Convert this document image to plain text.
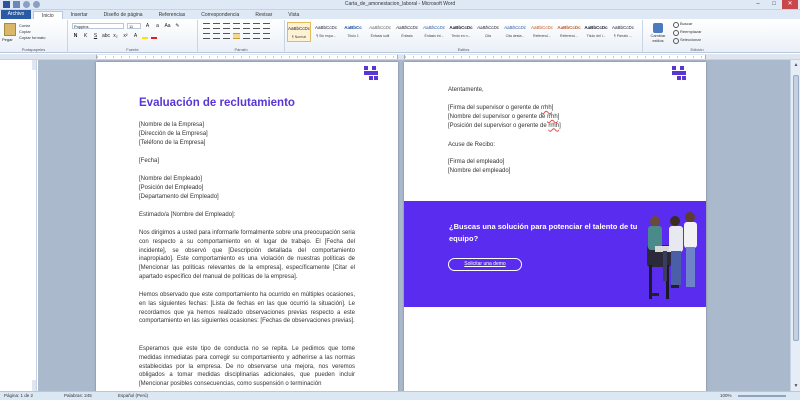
Carta_de_amonestacion_laboral - Microsoft Word	–	□	✕
Archivo	Inicio	Insertar	Diseño de página	Referencias	Correspondencia	Revisar	Vista
Pegar
Cortar
Copiar
Copiar formato
Portapapeles
Poppins	11	A	a	Aa ✎
N	K	S abc x₂ x²	A
Fuente	Párrafo
AaBbCcDc
¶ Normal
AaBbCcDc
¶ Sin espa...
AaBbCc
Título 1
AaBbCcDc
Énfasis sutil
AaBbCcDc
Énfasis
AaBbCcDc
Énfasis int...
AaBbCcDc
Texto en n...
AaBbCcDc
Cita
AaBbCcDc
Cita desta...
AaBbCcDc
Referenci...
AaBbCcDc
Referenci...
AaBbCcDc
Título del l...
AaBbCcDc
¶ Párrafo ...
Estilos
Cambiar estilos
Buscar
Reemplazar
Seleccionar
Edición
Evaluación de reclutamiento
[Nombre de la Empresa]
[Dirección de la Empresa]
[Teléfono de la Empresa]
[Fecha]
[Nombre del Empleado]
[Posición del Empleado]
[Departamento del Empleado]
Estimado/a [Nombre del Empleado]:
Nos dirigimos a usted para informarle formalmente sobre una preocupación seria con respecto a su comportamiento en el lugar de trabajo. El [Fecha del incidente], se observó que [Descripción detallada del comportamiento inapropiado]. Este comportamiento es una violación de nuestras políticas de [Mencionar las políticas relevantes de la empresa], específicamente [Citar el apartado específico del manual de políticas de la empresa].
Hemos observado que este comportamiento ha ocurrido en múltiples ocasiones, en las siguientes fechas: [Lista de fechas en las que ocurrió la situación]. Le recordamos que ya hemos realizado observaciones previas respecto a este comportamiento en las siguientes ocasiones: [Fechas de observaciones previas].
Esperamos que este tipo de conducta no se repita. Le pedimos que tome medidas inmediatas para corregir su comportamiento y adherirse a las normas establecidas por la empresa. De no observarse una mejora, nos veremos obligados a tomar medidas disciplinarias adicionales, que pueden incluir [Mencionar posibles consecuencias, como suspensión o terminación
Atentamente,
[Firma del supervisor o gerente de rrhh]
[Nombre del supervisor o gerente de rrhh]
[Posición del supervisor o gerente de rrhh]
Acuse de Recibo:
[Firma del empleado]
[Nombre del empleado]
¿Buscas una solución para potenciar el talento de tu equipo?
Solicitar una demo
▲
▼
Página: 1 de 2	Palabras: 245	Español (Perú)	100%
